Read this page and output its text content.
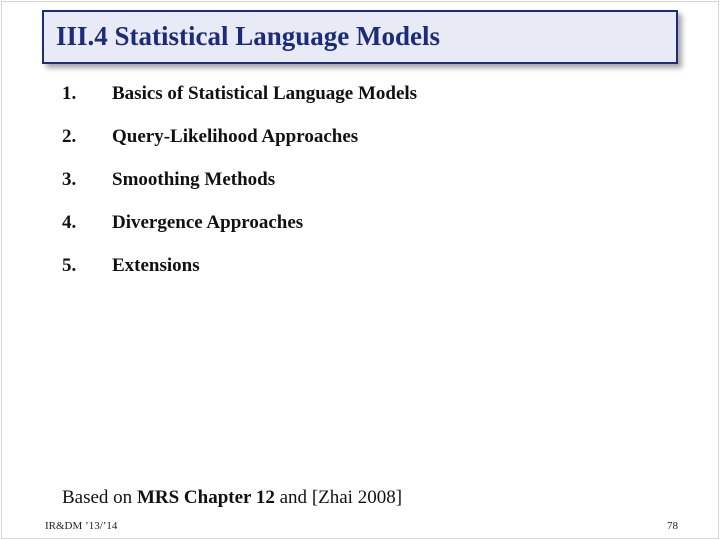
III.4 Statistical Language Models
1.	Basics of Statistical Language Models
2.	Query-Likelihood Approaches
3.	Smoothing Methods
4.	Divergence Approaches
5.	Extensions
Based on MRS Chapter 12 and [Zhai 2008]
IR&DM ’13/’14	78
